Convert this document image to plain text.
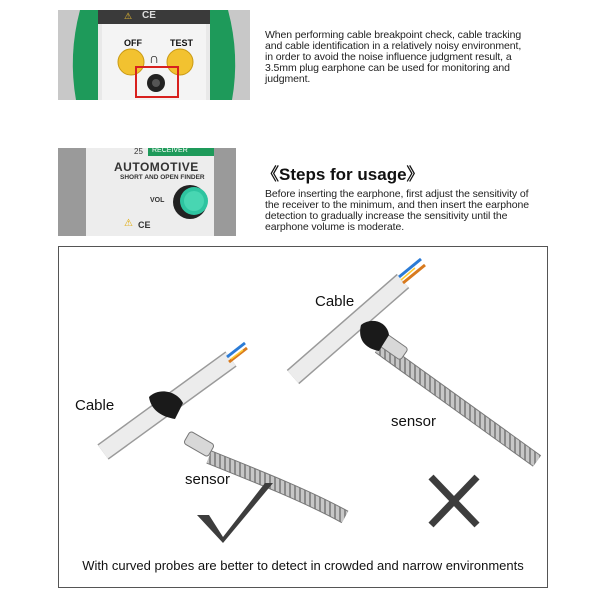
⚠ CE
OFF	TEST
∩
When performing cable breakpoint check, cable tracking and cable identification in a relatively noisy environment, in order to avoid the noise influence judgment result, a 3.5mm plug earphone can be used for monitoring and judgment.
25 RECEIVER
AUTOMOTIVE
SHORT AND OPEN FINDER
VOL
⚠ CE
《Steps for usage》
Before inserting the earphone, first adjust the sensitivity of the receiver to the minimum, and then insert the earphone detection to gradually increase the sensitivity until the earphone volume is moderate.
Cable
sensor
Cable
sensor
With curved probes are better to detect in crowded and narrow environments
